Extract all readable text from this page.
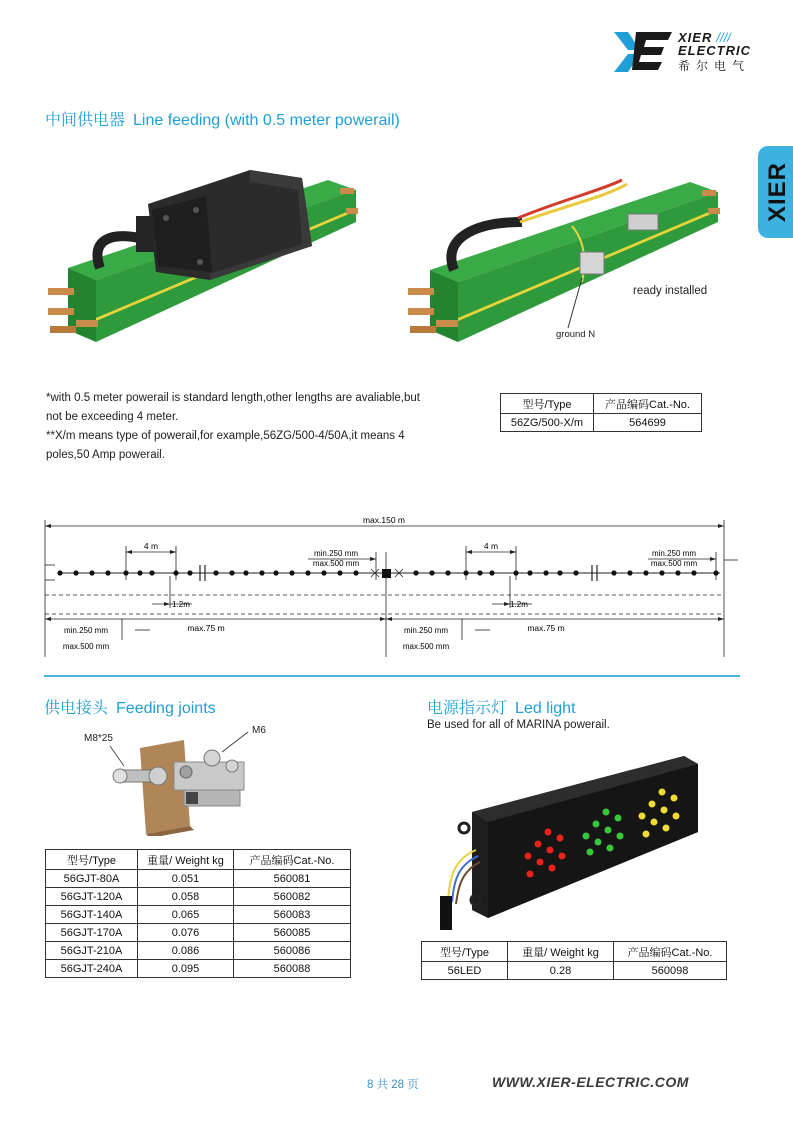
XIER ////
ELECTRIC
希尔电气
XIER
中间供电器 Line feeding (with 0.5 meter powerail)
ready installed
ground N

*with 0.5 meter powerail is standard length,other lengths are avaliable,but

not be exceeding 4 meter.

**X/m means type of powerail,for example,56ZG/500-4/50A,it means 4

poles,50 Amp powerail.

型号/Type	产品编码Cat.-No.
56ZG/500-X/m	564699
max.150 m
4 m	4 m
min.250 mm
max.500 mm
min.250 mm
max.500 mm
1.2m	1.2m
min.250 mm
max.500 mm
max.75 m	min.250 mm
max.500 mm
max.75 m
供电接头 Feeding joints
M8*25
M6
型号/Type	重量/ Weight kg	产品编码Cat.-No.
56GJT-80A	0.051	560081
56GJT-120A	0.058	560082
56GJT-140A	0.065	560083
56GJT-170A	0.076	560085
56GJT-210A	0.086	560086
56GJT-240A	0.095	560088
电源指示灯 Led light
Be used for all of MARINA powerail.
型号/Type	重量/ Weight kg	产品编码Cat.-No.
56LED	0.28	560098
8 共 28 页	WWW.XIER-ELECTRIC.COM
